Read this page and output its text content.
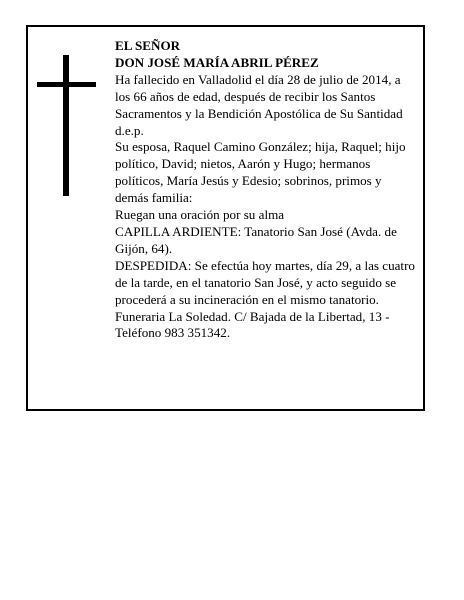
EL SEÑOR

DON JOSÉ MARÍA ABRIL PÉREZ

Ha fallecido en Valladolid el día 28 de julio de 2014, a los 66 años de edad, después de recibir los Santos Sacramentos y la Bendición Apostólica de Su Santidad d.e.p.

Su esposa, Raquel Camino González; hija, Raquel; hijo político, David; nietos, Aarón y Hugo; hermanos políticos, María Jesús y Edesio; sobrinos, primos y demás familia:

Ruegan una oración por su alma

CAPILLA ARDIENTE: Tanatorio San José (Avda. de Gijón, 64).

DESPEDIDA: Se efectúa hoy martes, día 29, a las cuatro de la tarde, en el tanatorio San José, y acto seguido se procederá a su incineración en el mismo tanatorio.

Funeraria La Soledad. C/ Bajada de la Libertad, 13 - Teléfono 983 351342.
